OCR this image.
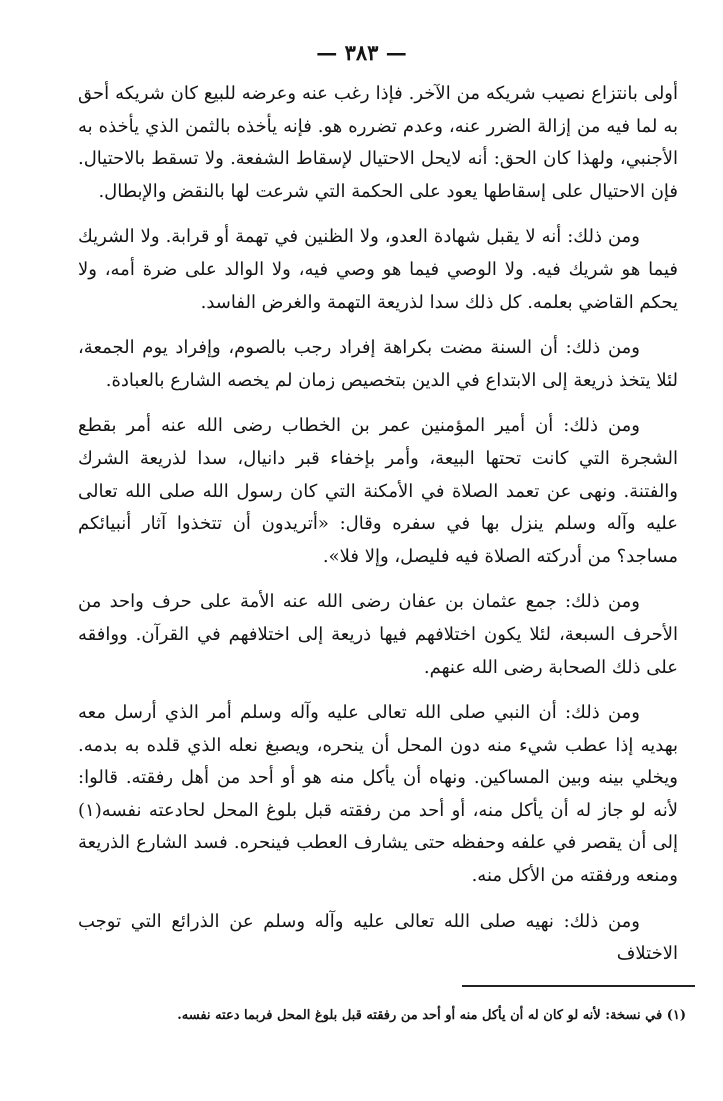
— ٣٨٣ —

أولى بانتزاع نصيب شريكه من الآخر. فإذا رغب عنه وعرضه للبيع كان شريكه أحق به لما فيه من إزالة الضرر عنه، وعدم تضرره هو. فإنه يأخذه بالثمن الذي يأخذه به الأجنبي، ولهذا كان الحق: أنه لايحل الاحتيال لإسقاط الشفعة. ولا تسقط بالاحتيال. فإن الاحتيال على إسقاطها يعود على الحكمة التي شرعت لها بالنقض والإبطال.

ومن ذلك: أنه لا يقبل شهادة العدو، ولا الظنين في تهمة أو قرابة. ولا الشريك فيما هو شريك فيه. ولا الوصي فيما هو وصي فيه، ولا الوالد على ضرة أمه، ولا يحكم القاضي بعلمه. كل ذلك سدا لذريعة التهمة والغرض الفاسد.

ومن ذلك: أن السنة مضت بكراهة إفراد رجب بالصوم، وإفراد يوم الجمعة، لئلا يتخذ ذريعة إلى الابتداع في الدين بتخصيص زمان لم يخصه الشارع بالعبادة.

ومن ذلك: أن أمير المؤمنين عمر بن الخطاب رضى الله عنه أمر بقطع الشجرة التي كانت تحتها البيعة، وأمر بإخفاء قبر دانيال، سدا لذريعة الشرك والفتنة. ونهى عن تعمد الصلاة في الأمكنة التي كان رسول الله صلى الله تعالى عليه وآله وسلم ينزل بها في سفره وقال: «أتريدون أن تتخذوا آثار أنبيائكم مساجد؟ من أدركته الصلاة فيه فليصل، وإلا فلا».

ومن ذلك: جمع عثمان بن عفان رضى الله عنه الأمة على حرف واحد من الأحرف السبعة، لئلا يكون اختلافهم فيها ذريعة إلى اختلافهم في القرآن. ووافقه على ذلك الصحابة رضى الله عنهم.

ومن ذلك: أن النبي صلى الله تعالى عليه وآله وسلم أمر الذي أرسل معه بهديه إذا عطب شيء منه دون المحل أن ينحره، ويصبغ نعله الذي قلده به بدمه. ويخلي بينه وبين المساكين. ونهاه أن يأكل منه هو أو أحد من أهل رفقته. قالوا: لأنه لو جاز له أن يأكل منه، أو أحد من رفقته قبل بلوغ المحل لحادعته نفسه(١) إلى أن يقصر في علفه وحفظه حتى يشارف العطب فينحره. فسد الشارع الذريعة ومنعه ورفقته من الأكل منه.

ومن ذلك: نهيه صلى الله تعالى عليه وآله وسلم عن الذرائع التي توجب الاختلاف

(١) في نسخة: لأنه لو كان له أن يأكل منه أو أحد من رفقته قبل بلوغ المحل فربما دعته نفسه.
